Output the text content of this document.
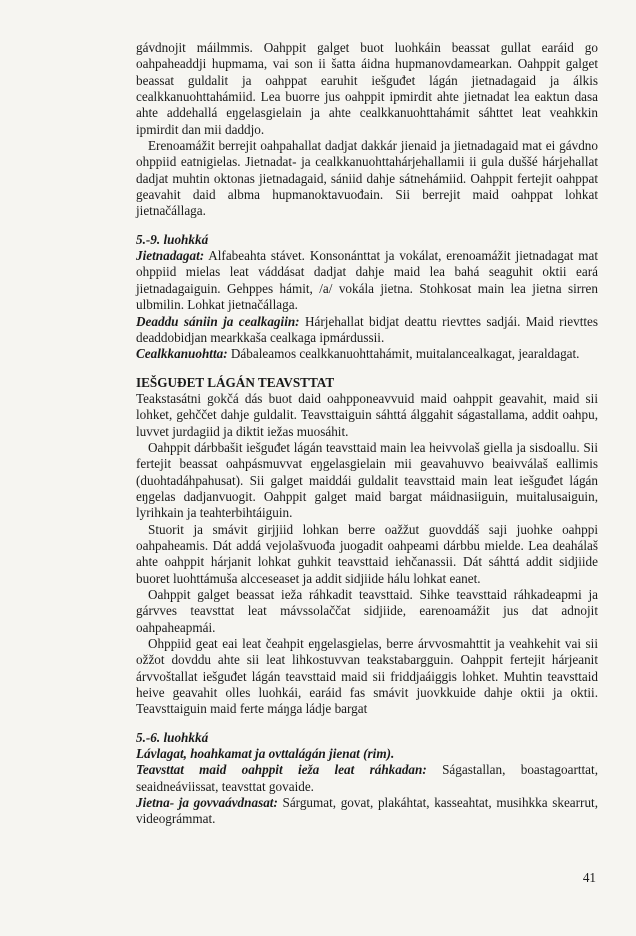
gávdnojit máilmmis. Oahppit galget buot luohkáin beassat gullat earáid go oahpaheaddji hupmama, vai son ii šatta áidna hupmanovdamearkan. Oahppit galget beassat guldalit ja oahppat earuhit iešguđet lágán jietnadagaid ja álkis cealkkanuohttahámiid. Lea buorre jus oahppit ipmirdit ahte jietnadat lea eaktun dasa ahte addehallá eŋgelasgielain ja ahte cealkkanuohttahámit sáhttet leat veahkkin ipmirdit dan mii daddjo.

Erenoamážit berrejit oahpahallat dadjat dakkár jienaid ja jietnadagaid mat ei gávdno ohppiid eatnigielas. Jietnadat- ja cealkkanuohttahárjehallamii ii gula duššé hárjehallat dadjat muhtin oktonas jietnadagaid, sániid dahje sátnehámiid. Oahppit fertejit oahppat geavahit daid albma hupmanoktavuođain. Sii berrejit maid oahppat lohkat jietnačállaga.

5.-9. luohkká

Jietnadagat: Alfabeahta stávet. Konsonánttat ja vokálat, erenoamážit jietnadagat mat ohppiid mielas leat váddásat dadjat dahje maid lea bahá seaguhit oktii eará jietnadagaiguin. Gehppes hámit, /a/ vokála jietna. Stohkosat main lea jietna sirren ulbmilin. Lohkat jietnačállaga.

Deaddu sániin ja cealkagiin: Hárjehallat bidjat deattu rievttes sadjái. Maid rievttes deaddobidjan mearkkaša cealkaga ipmárdussii.

Cealkkanuohtta: Dábaleamos cealkkanuohttahámit, muitalancealkagat, jearaldagat.

IEŠGUĐET LÁGÁN TEAVSTTAT

Teakstasátni gokčá dás buot daid oahpponeavvuid maid oahppit geavahit, maid sii lohket, gehččet dahje guldalit. Teavsttaiguin sáhttá álggahit ságastallama, addit oahpu, luvvet jurdagiid ja diktit iežas muosáhit.

Oahppit dárbbašit iešguđet lágán teavsttaid main lea heivvolaš giella ja sisdoallu. Sii fertejit beassat oahpásmuvvat eŋgelasgielain mii geavahuvvo beaivválaš eallimis (duohtadáhpahusat). Sii galget maiddái guldalit teavsttaid main leat iešguđet lágán eŋgelas dadjanvuogit. Oahppit galget maid bargat máidnasiiguin, muitalusaiguin, lyrihkain ja teahterbihtáiguin.

Stuorit ja smávit girjjiid lohkan berre oažžut guovddáš saji juohke oahppi oahpaheamis. Dát addá vejolašvuođa juogadit oahpeami dárbbu mielde. Lea deahálaš ahte oahppit hárjanit lohkat guhkit teavsttaid iehčanassii. Dát sáhttá addit sidjiide buoret luohttámuša alcceseaset ja addit sidjiide hálu lohkat eanet.

Oahppit galget beassat ieža ráhkadit teavsttaid. Sihke teavsttaid ráhkadeapmi ja gárvves teavsttat leat mávssolaččat sidjiide, earenoamážit jus dat adnojit oahpaheapmái.

Ohppiid geat eai leat čeahpit eŋgelasgielas, berre árvvosmahttit ja veahkehit vai sii ožžot dovddu ahte sii leat lihkostuvvan teakstabargguin. Oahppit fertejit hárjeanit árvvoštallat iešguđet lágán teavsttaid maid sii friddjaáiggis lohket. Muhtin teavsttaid heive geavahit olles luohkái, earáid fas smávit juovkkuide dahje oktii ja oktii. Teavsttaiguin maid ferte máŋga ládje bargat

5.-6. luohkká

Lávlagat, hoahkamat ja ovttalágán jienat (rim).

Teavsttat maid oahppit ieža leat ráhkadan: Ságastallan, boastagoarttat, seaidneáviissat, teavsttat govaide.

Jietna- ja govvaávdnasat: Sárgumat, govat, plakáhtat, kasseahtat, musihkka skearrut, videográmmat.

41
